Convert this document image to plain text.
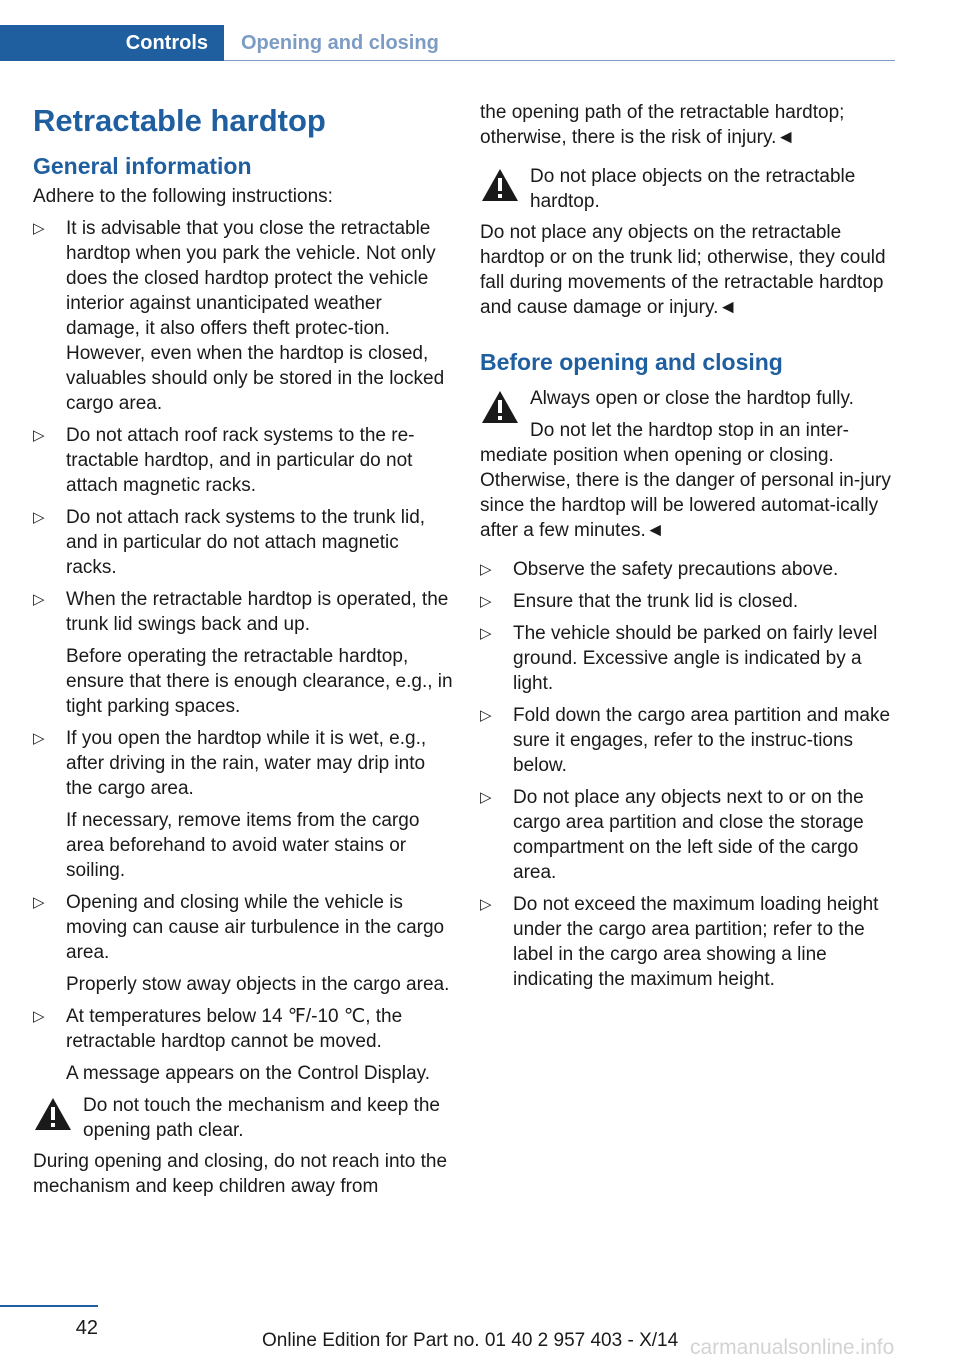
Controls	Opening and closing
Retractable hardtop
General information

Adhere to the following instructions:

▷ It is advisable that you close the retractable hardtop when you park the vehicle. Not only does the closed hardtop protect the vehicle interior against unanticipated weather damage, it also offers theft protec-tion. However, even when the hardtop is closed, valuables should only be stored in the locked cargo area.
▷ Do not attach roof rack systems to the re-tractable hardtop, and in particular do not attach magnetic racks.
▷ Do not attach rack systems to the trunk lid, and in particular do not attach magnetic racks.
▷ When the retractable hardtop is operated, the trunk lid swings back and up.
Before operating the retractable hardtop, ensure that there is enough clearance, e.g., in tight parking spaces.
▷ If you open the hardtop while it is wet, e.g., after driving in the rain, water may drip into the cargo area.
If necessary, remove items from the cargo area beforehand to avoid water stains or soiling.
▷ Opening and closing while the vehicle is moving can cause air turbulence in the cargo area.
Properly stow away objects in the cargo area.
▷ At temperatures below 14 ℉/-10 ℃, the retractable hardtop cannot be moved.
A message appears on the Control Display.
Do not touch the mechanism and keep the opening path clear.

During opening and closing, do not reach into the mechanism and keep children away from

the opening path of the retractable hardtop; otherwise, there is the risk of injury.◄

Do not place objects on the retractable hardtop.

Do not place any objects on the retractable hardtop or on the trunk lid; otherwise, they could fall during movements of the retractable hardtop and cause damage or injury.◄

Before opening and closing
Always open or close the hardtop fully.

Do not let the hardtop stop in an inter-mediate position when opening or closing. Otherwise, there is the danger of personal in-jury since the hardtop will be lowered automat-ically after a few minutes.◄

▷ Observe the safety precautions above.
▷ Ensure that the trunk lid is closed.
▷ The vehicle should be parked on fairly level ground. Excessive angle is indicated by a light.
▷ Fold down the cargo area partition and make sure it engages, refer to the instruc-tions below.
▷ Do not place any objects next to or on the cargo area partition and close the storage compartment on the left side of the cargo area.
▷ Do not exceed the maximum loading height under the cargo area partition; refer to the label in the cargo area showing a line indicating the maximum height.
42
Online Edition for Part no. 01 40 2 957 403 - X/14 carmanualsonline.info
